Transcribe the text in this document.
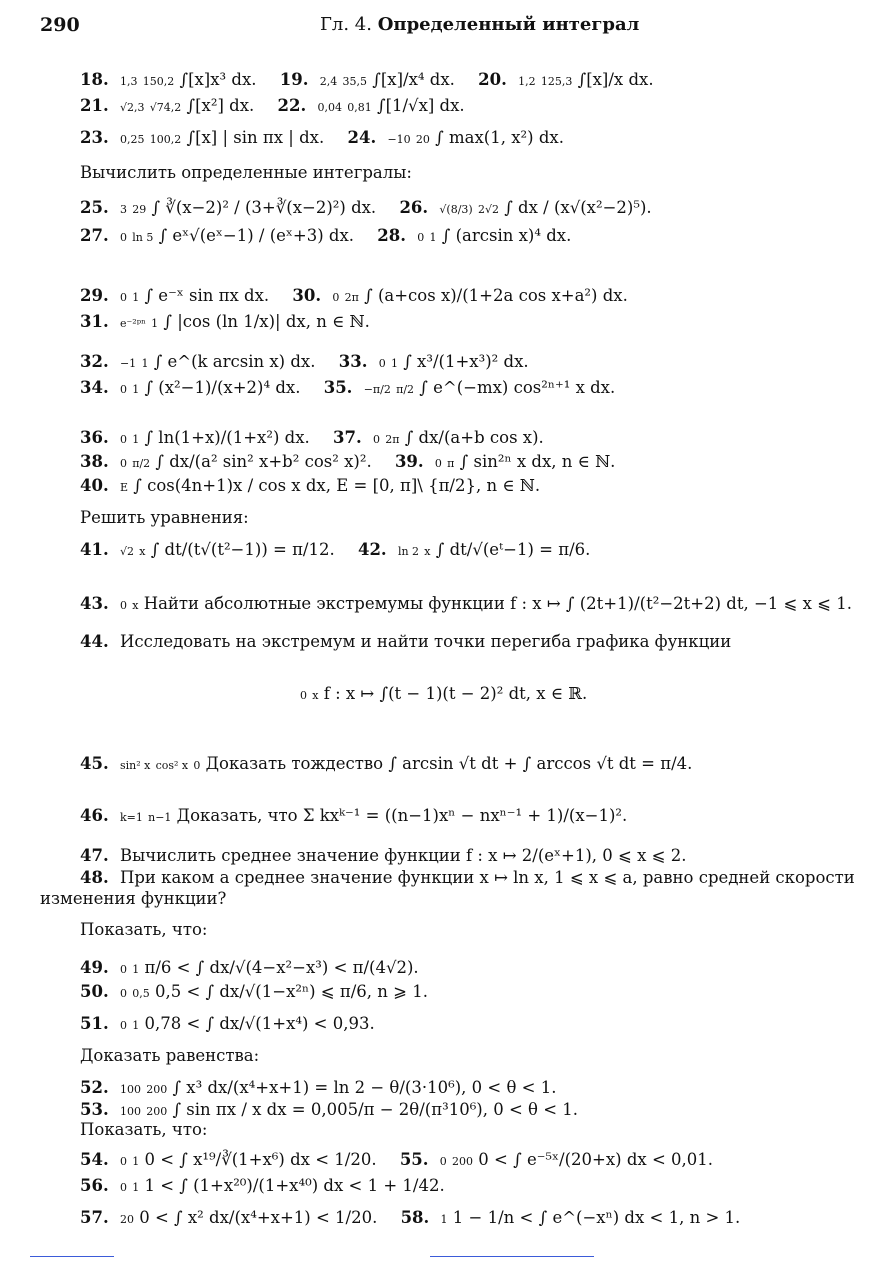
290	Гл. 4. Определенный интеграл
18. 1,3 150,2 ∫[x]x³ dx. 19. 2,4 35,5 ∫[x]/x⁴ dx. 20. 1,2 125,3 ∫[x]/x dx.
21. √2,3 √74,2 ∫[x²] dx. 22. 0,04 0,81 ∫[1/√x] dx.
23. 0,25 100,2 ∫[x] | sin πx | dx. 24. −10 20 ∫ max(1, x²) dx.
Вычислить определенные интегралы:
25. 3 29 ∫ ∛(x−2)² / (3+∛(x−2)²) dx. 26. √(8/3) 2√2 ∫ dx / (x√(x²−2)⁵).
27. 0 ln 5 ∫ eˣ√(eˣ−1) / (eˣ+3) dx. 28. 0 1 ∫ (arcsin x)⁴ dx.
29. 0 1 ∫ e⁻ˣ sin πx dx. 30. 0 2π ∫ (a+cos x)/(1+2a cos x+a²) dx.
31. e⁻²ᵖⁿ 1 ∫ |cos (ln 1/x)| dx, n ∈ ℕ.
32. −1 1 ∫ e^(k arcsin x) dx. 33. 0 1 ∫ x³/(1+x³)² dx.
34. 0 1 ∫ (x²−1)/(x+2)⁴ dx. 35. −π/2 π/2 ∫ e^(−mx) cos²ⁿ⁺¹ x dx.
36. 0 1 ∫ ln(1+x)/(1+x²) dx. 37. 0 2π ∫ dx/(a+b cos x).
38. 0 π/2 ∫ dx/(a² sin² x+b² cos² x)². 39. 0 π ∫ sin²ⁿ x dx, n ∈ ℕ.
40. E ∫ cos(4n+1)x / cos x dx, E = [0, π]\ {π/2}, n ∈ ℕ.
Решить уравнения:
41. √2 x ∫ dt/(t√(t²−1)) = π/12. 42. ln 2 x ∫ dt/√(eᵗ−1) = π/6.
43. 0 x Найти абсолютные экстремумы функции f : x ↦ ∫ (2t+1)/(t²−2t+2) dt, −1 ⩽ x ⩽ 1.
44. Исследовать на экстремум и найти точки перегиба графика функции
0 x f : x ↦ ∫(t − 1)(t − 2)² dt, x ∈ ℝ.
45. sin² x cos² x 0 Доказать тождество ∫ arcsin √t dt + ∫ arccos √t dt = π/4.
46. k=1 n−1 Доказать, что Σ kxᵏ⁻¹ = ((n−1)xⁿ − nxⁿ⁻¹ + 1)/(x−1)².
47. Вычислить среднее значение функции f : x ↦ 2/(eˣ+1), 0 ⩽ x ⩽ 2.
48. При каком a среднее значение функции x ↦ ln x, 1 ⩽ x ⩽ a, равно средней скорости
изменения функции?
Показать, что:
49. 0 1 π/6 < ∫ dx/√(4−x²−x³) < π/(4√2).
50. 0 0,5 0,5 < ∫ dx/√(1−x²ⁿ) ⩽ π/6, n ⩾ 1.
51. 0 1 0,78 < ∫ dx/√(1+x⁴) < 0,93.
Доказать равенства:
52. 100 200 ∫ x³ dx/(x⁴+x+1) = ln 2 − θ/(3·10⁶), 0 < θ < 1.
53. 100 200 ∫ sin πx / x dx = 0,005/π − 2θ/(π³10⁶), 0 < θ < 1.
Показать, что:
54. 0 1 0 < ∫ x¹⁹/∛(1+x⁶) dx < 1/20. 55. 0 200 0 < ∫ e⁻⁵ˣ/(20+x) dx < 0,01.
56. 0 1 1 < ∫ (1+x²⁰)/(1+x⁴⁰) dx < 1 + 1/42.
57. 20 0 < ∫ x² dx/(x⁴+x+1) < 1/20. 58. 1 1 − 1/n < ∫ e^(−xⁿ) dx < 1, n > 1.
